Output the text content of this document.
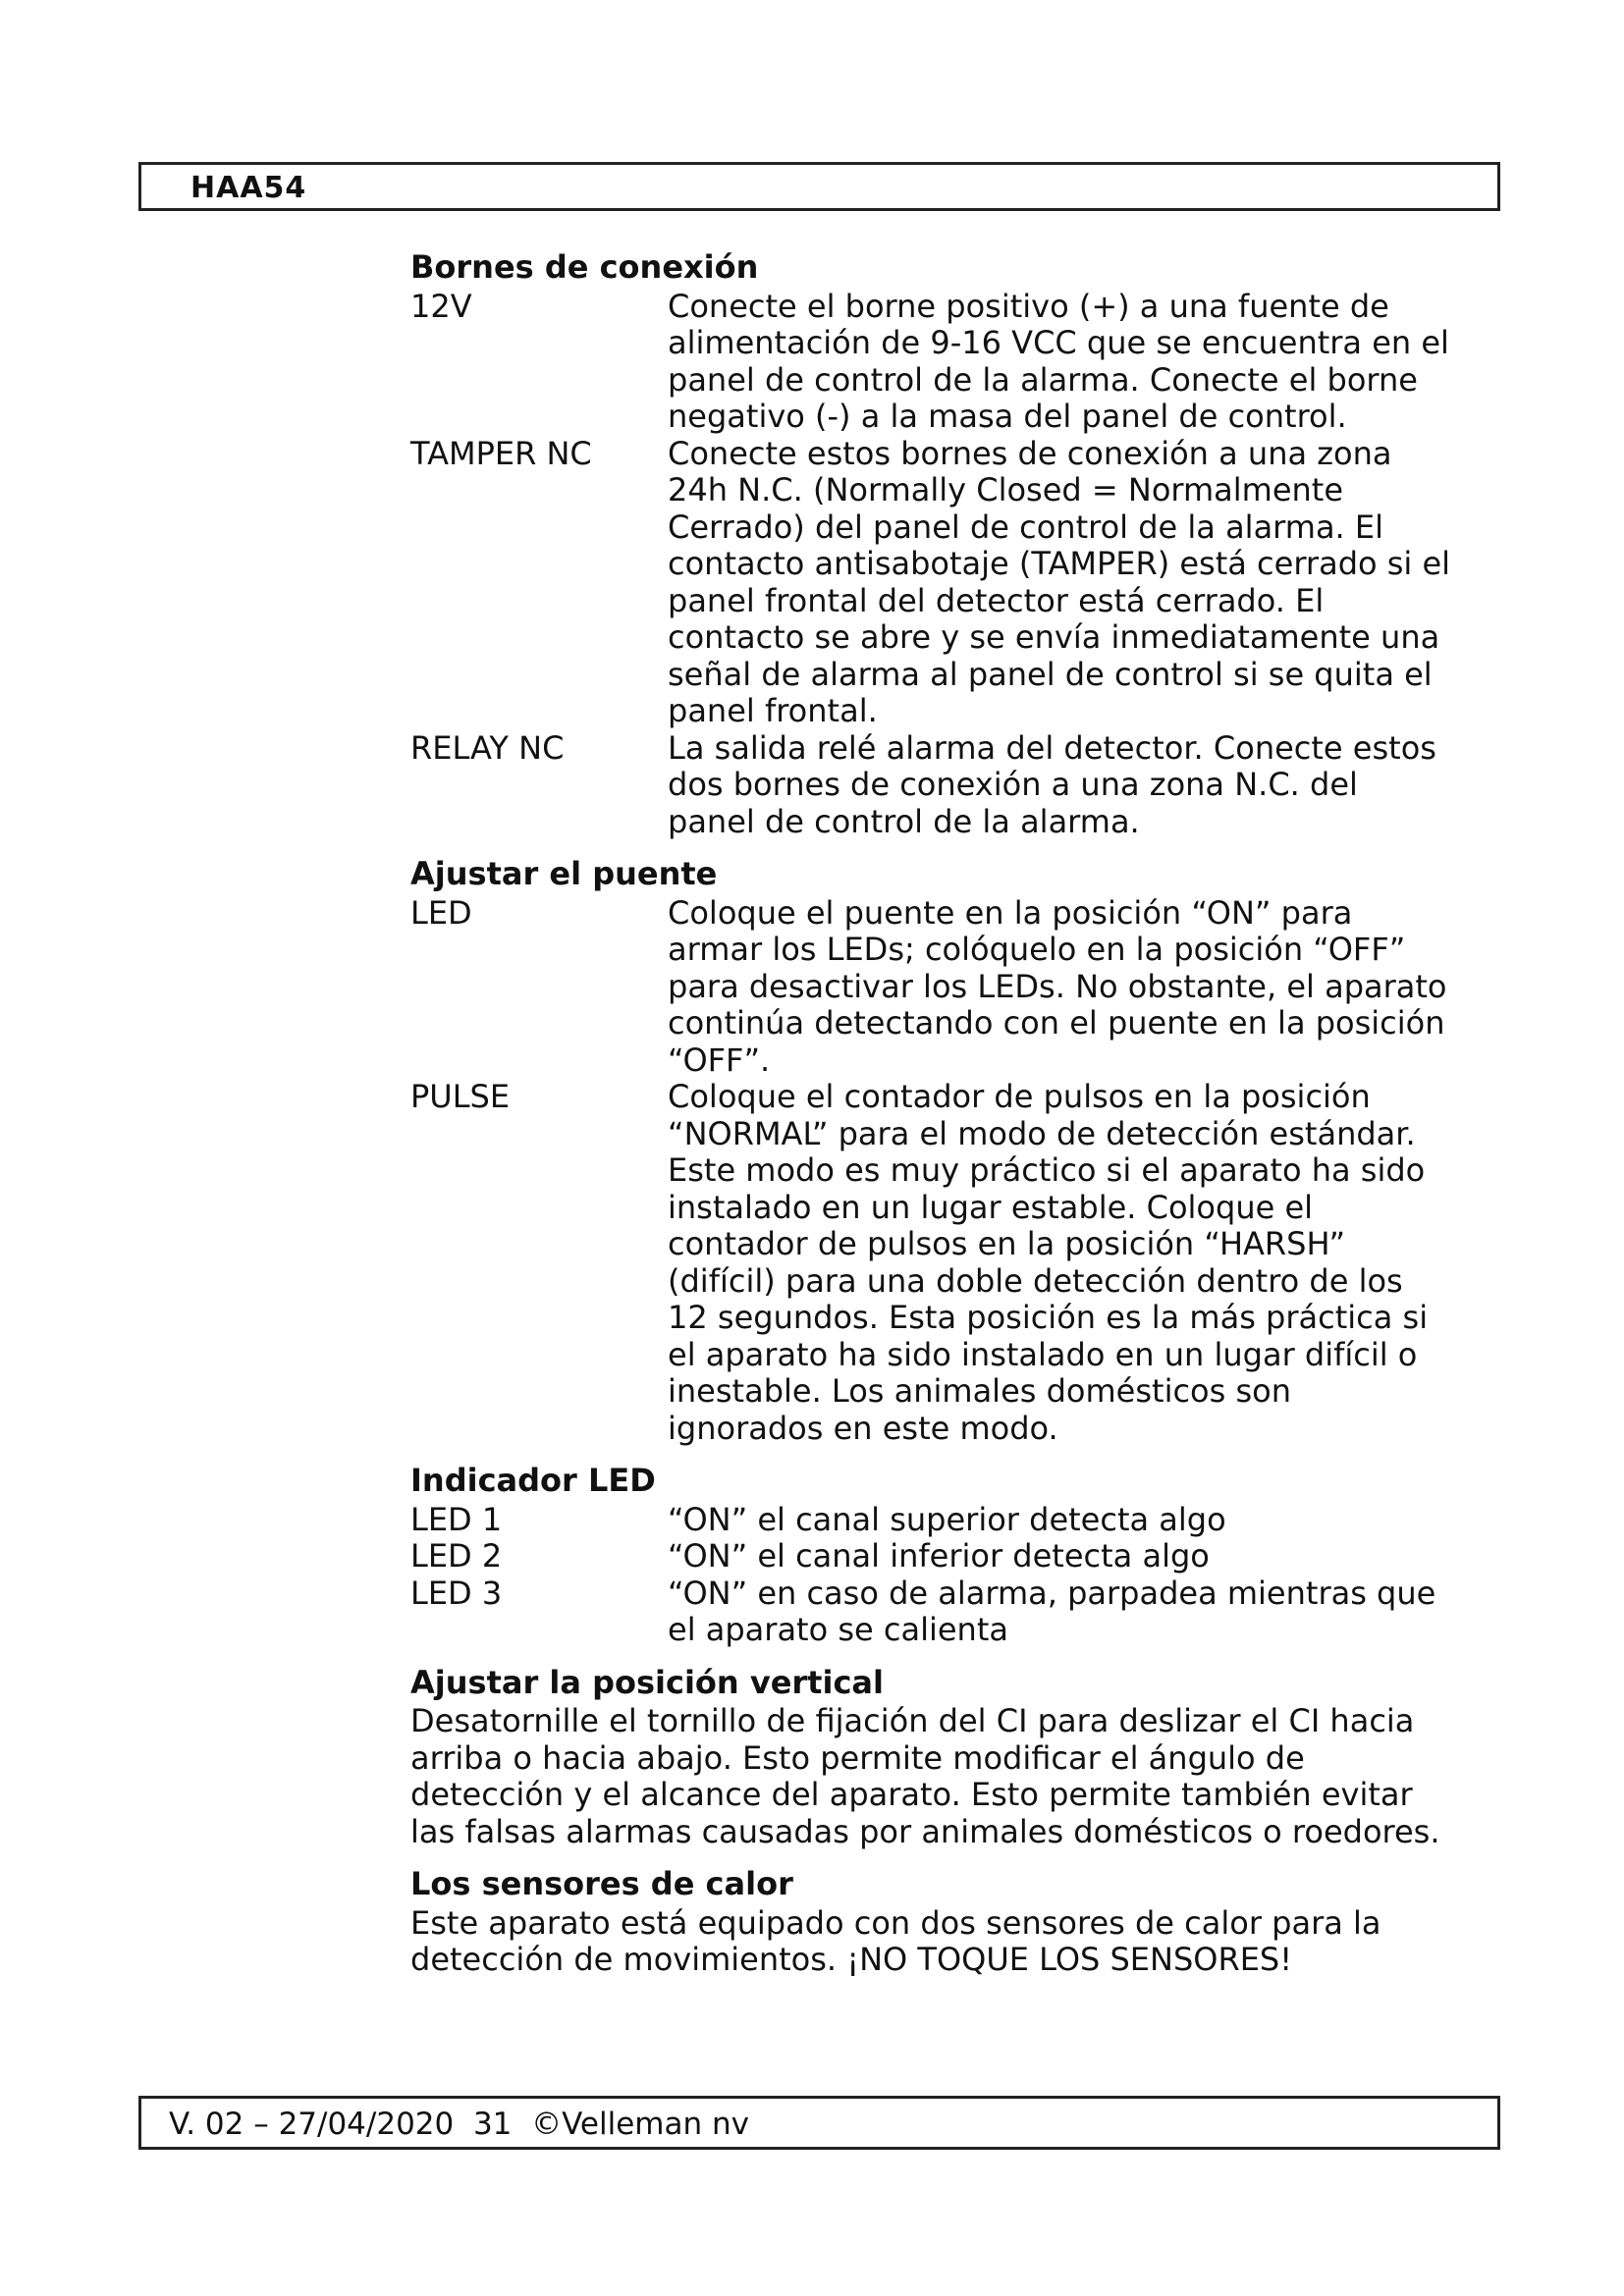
HAA54
Bornes de conexión
12V	Conecte el borne positivo (+) a una fuente de alimentación de 9-16 VCC que se encuentra en el panel de control de la alarma. Conecte el borne negativo (-) a la masa del panel de control.
TAMPER NC	Conecte estos bornes de conexión a una zona 24h N.C. (Normally Closed = Normalmente Cerrado) del panel de control de la alarma. El contacto antisabotaje (TAMPER) está cerrado si el panel frontal del detector está cerrado. El contacto se abre y se envía inmediatamente una señal de alarma al panel de control si se quita el panel frontal.
RELAY NC	La salida relé alarma del detector. Conecte estos dos bornes de conexión a una zona N.C. del panel de control de la alarma.
Ajustar el puente
LED	Coloque el puente en la posición “ON” para armar los LEDs; colóquelo en la posición “OFF” para desactivar los LEDs. No obstante, el aparato continúa detectando con el puente en la posición “OFF”.
PULSE	Coloque el contador de pulsos en la posición “NORMAL” para el modo de detección estándar. Este modo es muy práctico si el aparato ha sido instalado en un lugar estable. Coloque el contador de pulsos en la posición “HARSH” (difícil) para una doble detección dentro de los 12 segundos. Esta posición es la más práctica si el aparato ha sido instalado en un lugar difícil o inestable. Los animales domésticos son ignorados en este modo.
Indicador LED
LED 1	“ON” el canal superior detecta algo
LED 2	“ON” el canal inferior detecta algo
LED 3	“ON” en caso de alarma, parpadea mientras que el aparato se calienta
Ajustar la posición vertical

Desatornille el tornillo de fijación del CI para deslizar el CI hacia arriba o hacia abajo. Esto permite modificar el ángulo de detección y el alcance del aparato. Esto permite también evitar las falsas alarmas causadas por animales domésticos o roedores.

Los sensores de calor

Este aparato está equipado con dos sensores de calor para la detección de movimientos. ¡NO TOQUE LOS SENSORES!

V. 02 – 27/04/2020  31  ©Velleman nv
